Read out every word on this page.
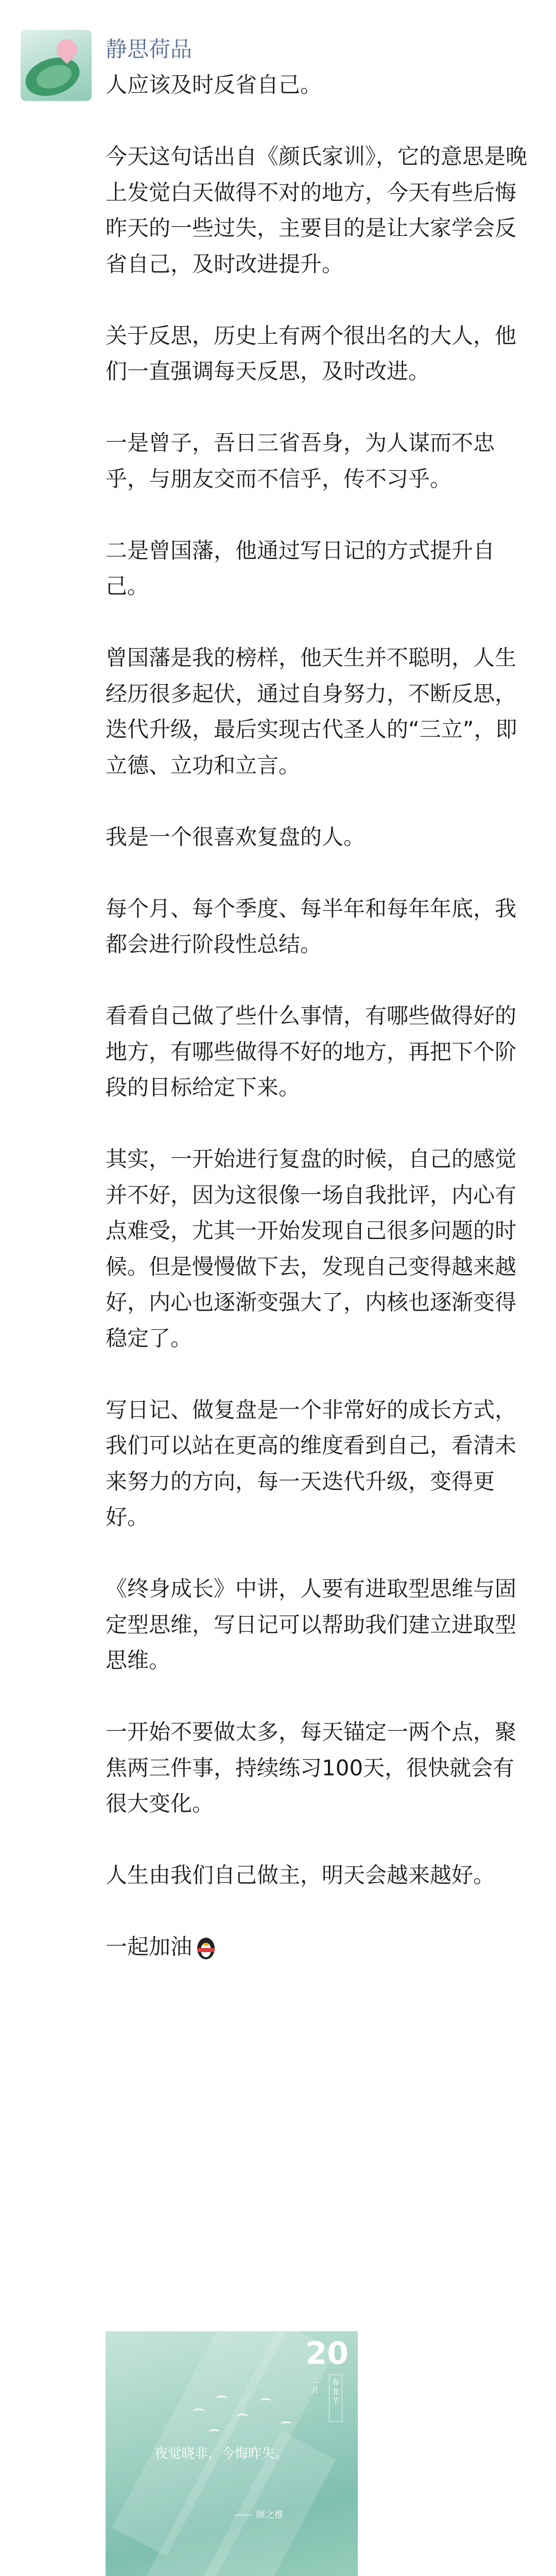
静思荷品

人应该及时反省自己。

今天这句话出自《颜氏家训》，它的意思是晚上发觉白天做得不对的地方，今天有些后悔昨天的一些过失，主要目的是让大家学会反省自己，及时改进提升。

关于反思，历史上有两个很出名的大人，他们一直强调每天反思，及时改进。

一是曾子，吾日三省吾身，为人谋而不忠乎，与朋友交而不信乎，传不习乎。

二是曾国藩，他通过写日记的方式提升自己。

曾国藩是我的榜样，他天生并不聪明，人生经历很多起伏，通过自身努力，不断反思，迭代升级，最后实现古代圣人的“三立”，即立德、立功和立言。

我是一个很喜欢复盘的人。

每个月、每个季度、每半年和每年年底，我都会进行阶段性总结。

看看自己做了些什么事情，有哪些做得好的地方，有哪些做得不好的地方，再把下个阶段的目标给定下来。

其实，一开始进行复盘的时候，自己的感觉并不好，因为这很像一场自我批评，内心有点难受，尤其一开始发现自己很多问题的时候。但是慢慢做下去，发现自己变得越来越好，内心也逐渐变强大了，内核也逐渐变得稳定了。

写日记、做复盘是一个非常好的成长方式，我们可以站在更高的维度看到自己，看清未来努力的方向，每一天迭代升级，变得更好。

《终身成长》中讲，人要有进取型思维与固定型思维，写日记可以帮助我们建立进取型思维。

一开始不要做太多，每天锚定一两个点，聚焦两三件事，持续练习100天，很快就会有很大变化。

人生由我们自己做主，明天会越来越好。

一起加油

20
二月
春龙节
夜觉晓非，今悔昨失。
—— 颜之推
